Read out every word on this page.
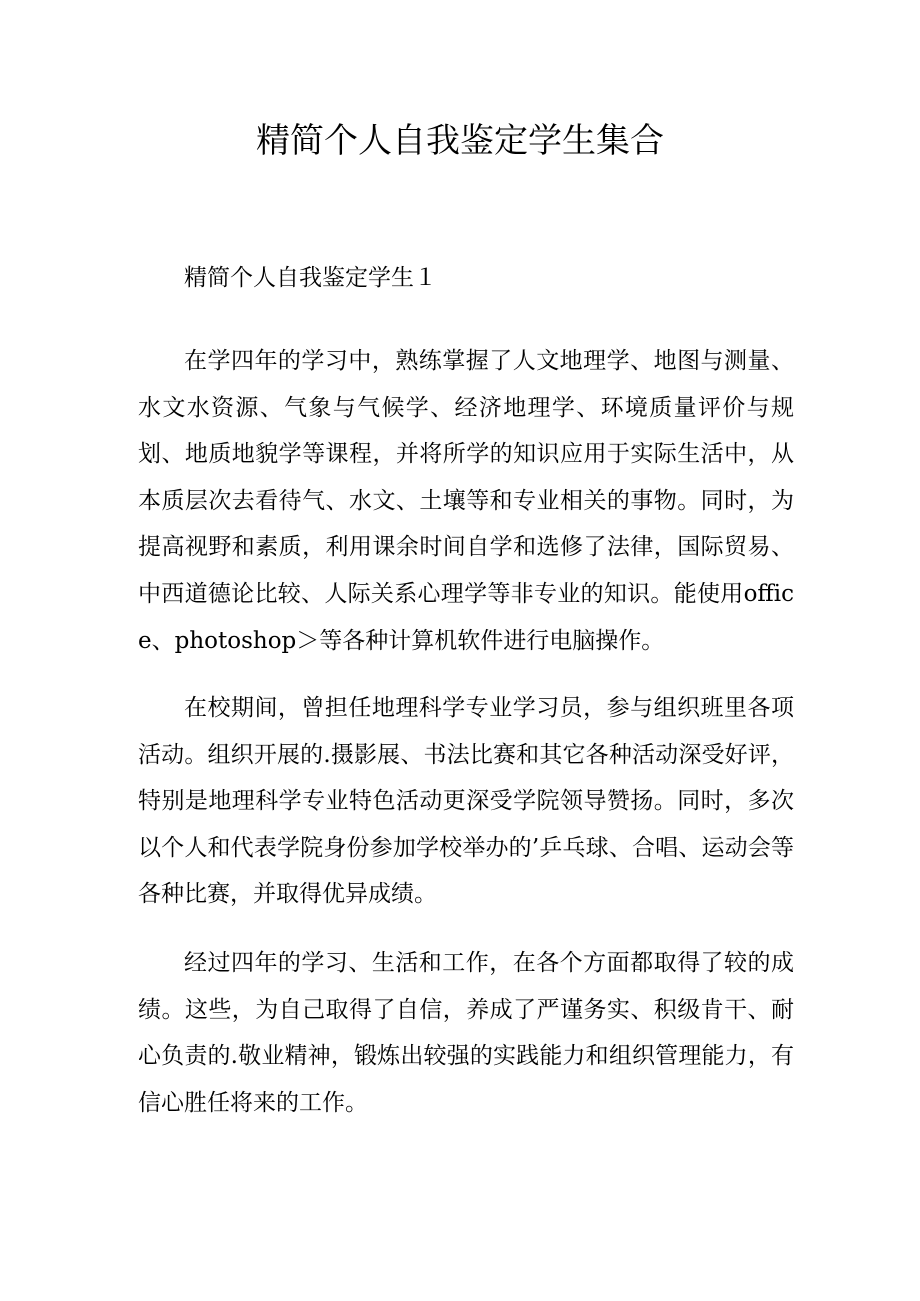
精简个人自我鉴定学生集合

精简个人自我鉴定学生１

在学四年的学习中，熟练掌握了人文地理学、地图与测量、水文水资源、气象与气候学、经济地理学、环境质量评价与规划、地质地貌学等课程，并将所学的知识应用于实际生活中，从本质层次去看待气、水文、土壤等和专业相关的事物。同时，为提高视野和素质，利用课余时间自学和选修了法律，国际贸易、中西道德论比较、人际关系心理学等非专业的知识。能使用office、photoshop＞等各种计算机软件进行电脑操作。

在校期间，曾担任地理科学专业学习员，参与组织班里各项活动。组织开展的.摄影展、书法比赛和其它各种活动深受好评，特别是地理科学专业特色活动更深受学院领导赞扬。同时，多次以个人和代表学院身份参加学校举办的’乒乓球、合唱、运动会等各种比赛，并取得优异成绩。

经过四年的学习、生活和工作，在各个方面都取得了较的成绩。这些，为自己取得了自信，养成了严谨务实、积级肯干、耐心负责的.敬业精神，锻炼出较强的实践能力和组织管理能力，有信心胜任将来的工作。
